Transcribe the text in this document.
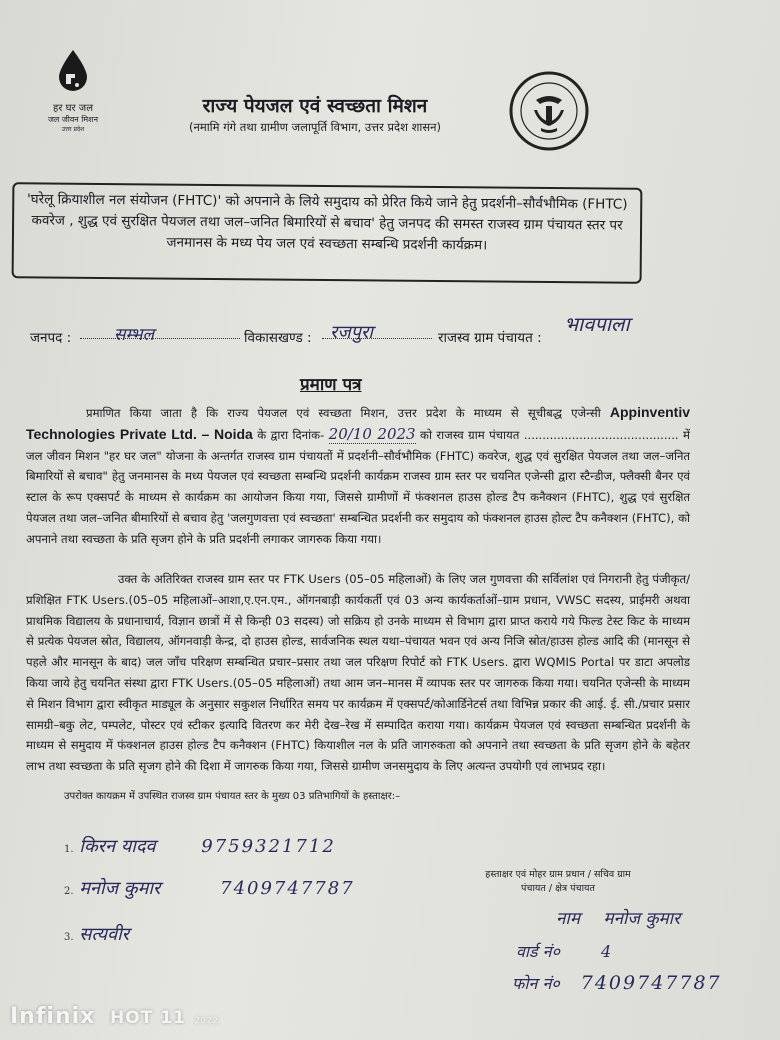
हर घर जल
जल जीवन मिशन
उत्तर प्रदेश
राज्य पेयजल एवं स्वच्छता मिशन
(नमामि गंगे तथा ग्रामीण जलापूर्ति विभाग, उत्तर प्रदेश शासन)
'घरेलू क्रियाशील नल संयोजन (FHTC)' को अपनाने के लिये समुदाय को प्रेरित किये जाने हेतु प्रदर्शनी–सौर्वभौमिक (FHTC) कवरेज , शुद्ध एवं सुरक्षित पेयजल तथा जल–जनित बिमारियों से बचाव' हेतु जनपद की समस्त राजस्व ग्राम पंचायत स्तर पर जनमानस के मध्य पेय जल एवं स्वच्छता सम्बन्धि प्रदर्शनी कार्यक्रम।
जनपद :	सम्भल	विकासखण्ड : रजपुरा	राजस्व ग्राम पंचायत :
भावपाला
प्रमाण पत्र

प्रमाणित किया जाता है कि राज्य पेयजल एवं स्वच्छता मिशन, उत्तर प्रदेश के माध्यम से सूचीबद्ध एजेन्सी Appinventiv Technologies Private Ltd. – Noida के द्वारा दिनांक- 20/10 2023 को राजस्व ग्राम पंचायत .......................................... में जल जीवन मिशन "हर घर जल" योजना के अन्तर्गत राजस्व ग्राम पंचायतों में प्रदर्शनी–सौर्वभौमिक (FHTC) कवरेज, शुद्ध एवं सुरक्षित पेयजल तथा जल–जनित बिमारियों से बचाव" हेतु जनमानस के मध्य पेयजल एवं स्वच्छता सम्बन्धि प्रदर्शनी कार्यक्रम राजस्व ग्राम स्तर पर चयनित एजेन्सी द्वारा स्टैन्डीज, फ्लैक्सी बैनर एवं स्टाल के रूप एक्सपर्ट के माध्यम से कार्यक्रम का आयोजन किया गया, जिससे ग्रामीणों में फंक्शनल हाउस होल्ड टैप कनैक्शन (FHTC), शुद्ध एवं सुरक्षित पेयजल तथा जल–जनित बीमारियों से बचाव हेतु 'जलगुणवत्ता एवं स्वच्छता' सम्बन्धित प्रदर्शनी कर समुदाय को फंक्शनल हाउस होल्ट टैप कनैक्शन (FHTC), को अपनाने तथा स्वच्छता के प्रति सृजग होने के प्रति प्रदर्शनी लगाकर जागरुक किया गया।

उक्त के अतिरिक्त राजस्व ग्राम स्तर पर FTK Users (05–05 महिलाओं) के लिए जल गुणवत्ता की सर्विलांश एवं निगरानी हेतु पंजीकृत/प्रशिक्षित FTK Users.(05–05 महिलाओं–आशा,ए.एन.एम., ऑगनबाड़ी कार्यकर्ती एवं 03 अन्य कार्यकर्ताओं–ग्राम प्रधान, VWSC सदस्य, प्राईमरी अथवा प्राथमिक विद्यालय के प्रधानाचार्य, विज्ञान छात्रों में से किन्ही 03 सदस्य) जो सक्रिय हो उनके माध्यम से विभाग द्वारा प्राप्त कराये गये फिल्ड टेस्ट किट के माध्यम से प्रत्येक पेयजल स्रोत, विद्यालय, ऑगनवाड़ी केन्द्र, दो हाउस होल्ड, सार्वजनिक स्थल यथा–पंचायत भवन एवं अन्य निजि स्रोत/हाउस होल्ड आदि की (मानसून से पहले और मानसून के बाद) जल जाँच परिक्षण सम्बन्धित प्रचार–प्रसार तथा जल परिक्षण रिपोर्ट को FTK Users. द्वारा WQMIS Portal पर डाटा अपलोड किया जाये हेतु चयनित संस्था द्वारा FTK Users.(05–05 महिलाओं) तथा आम जन–मानस में व्यापक स्तर पर जागरुक किया गया। चयनित एजेन्सी के माध्यम से मिशन विभाग द्वारा स्वीकृत माड्यूल के अनुसार सकुशल निर्धारित समय पर कार्यक्रम में एक्सपर्ट/कोआर्डिनेटर्स तथा विभिन्न प्रकार की आई. ई. सी./प्रचार प्रसार सामग्री–बकु लेट, पम्पलेट, पोस्टर एवं स्टीकर इत्यादि वितरण कर मेरी देख–रेख में सम्पादित कराया गया। कार्यक्रम पेयजल एवं स्वच्छता सम्बन्धित प्रदर्शनी के माध्यम से समुदाय में फंक्शनल हाउस होल्ड टैप कनैक्शन (FHTC) कियाशील नल के प्रति जागरुकता को अपनाने तथा स्वच्छता के प्रति सृजग होने के बहेतर लाभ तथा स्वच्छता के प्रति सृजग होने की दिशा में जागरुक किया गया, जिससे ग्रामीण जनसमुदाय के लिए अत्यन्त उपयोगी एवं लाभप्रद रहा।

उपरोक्त कायक्रम में उपस्थित राजस्व ग्राम पंचायत स्तर के मुख्य 03 प्रतिभागियों के हस्ताक्षर:–
1. किरन यादव	9759321712
2. मनोज कुमार	7409747787
3. सत्यवीर
हस्ताक्षर एवं मोहर ग्राम प्रधान / सचिव ग्राम पंचायत / क्षेत्र पंचायत
नाम मनोज कुमार
वार्ड नं०	4
फोन नं० 7409747787
Infinix HOT 11 2022
